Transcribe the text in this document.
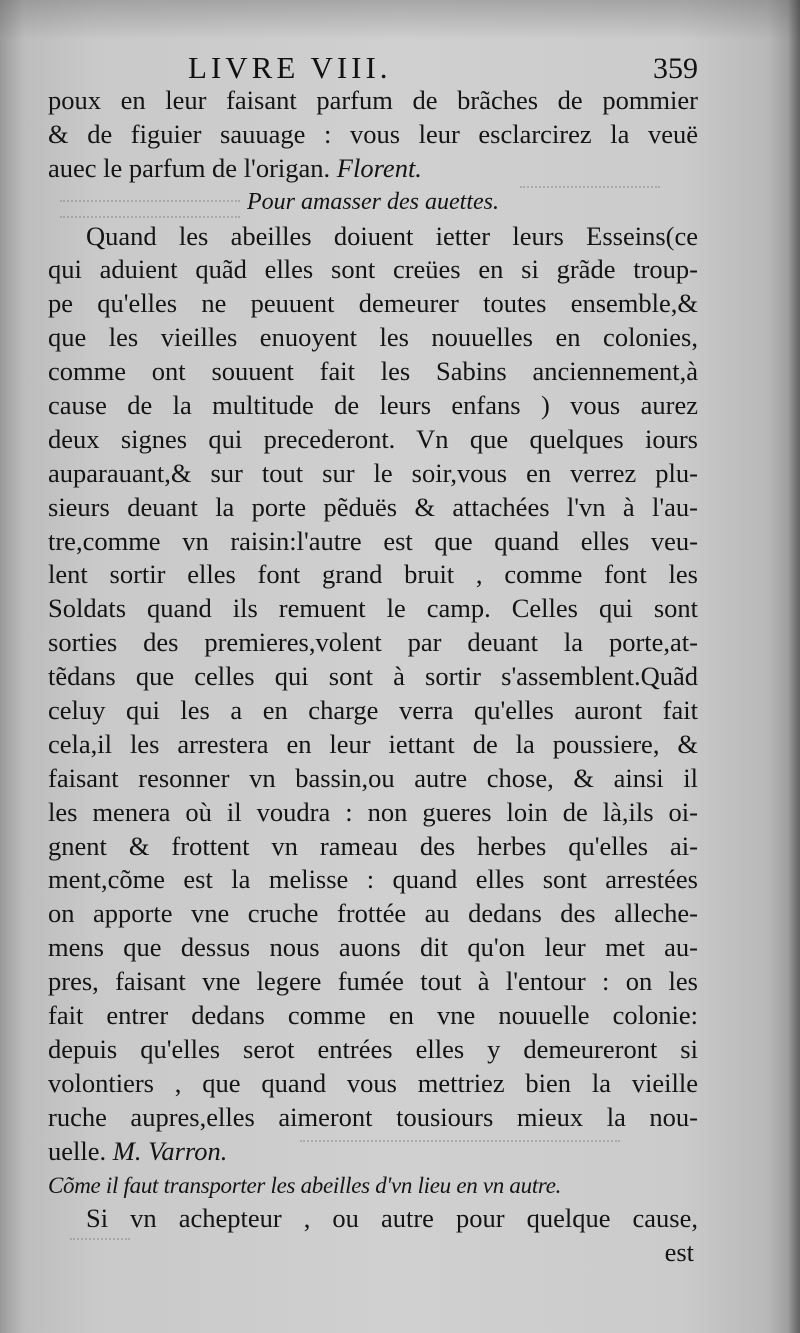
LIVRE VIII.	359
poux en leur faisant parfum de brãches de pommier
& de figuier sauuage : vous leur esclarcirez la veuë
auec le parfum de l'origan. Florent.
Pour amasser des auettes.
Quand les abeilles doiuent ietter leurs Esseins(ce
qui aduient quãd elles sont creües en si grãde troup-
pe qu'elles ne peuuent demeurer toutes ensemble,&
que les vieilles enuoyent les nouuelles en colonies,
comme ont souuent fait les Sabins anciennement,à
cause de la multitude de leurs enfans ) vous aurez
deux signes qui precederont. Vn que quelques iours
auparauant,& sur tout sur le soir,vous en verrez plu-
sieurs deuant la porte pẽduës & attachées l'vn à l'au-
tre,comme vn raisin:l'autre est que quand elles veu-
lent sortir elles font grand bruit , comme font les
Soldats quand ils remuent le camp. Celles qui sont
sorties des premieres,volent par deuant la porte,at-
tẽdans que celles qui sont à sortir s'assemblent.Quãd
celuy qui les a en charge verra qu'elles auront fait
cela,il les arrestera en leur iettant de la poussiere, &
faisant resonner vn bassin,ou autre chose, & ainsi il
les menera où il voudra : non gueres loin de là,ils oi-
gnent & frottent vn rameau des herbes qu'elles ai-
ment,cõme est la melisse : quand elles sont arrestées
on apporte vne cruche frottée au dedans des alleche-
mens que dessus nous auons dit qu'on leur met au-
pres, faisant vne legere fumée tout à l'entour : on les
fait entrer dedans comme en vne nouuelle colonie:
depuis qu'elles serot entrées elles y demeureront si
volontiers , que quand vous mettriez bien la vieille
ruche aupres,elles aimeront tousiours mieux la nou-
uelle. M. Varron.
Cõme il faut transporter les abeilles d'vn lieu en vn autre.
Si vn achepteur , ou autre pour quelque cause,
est
